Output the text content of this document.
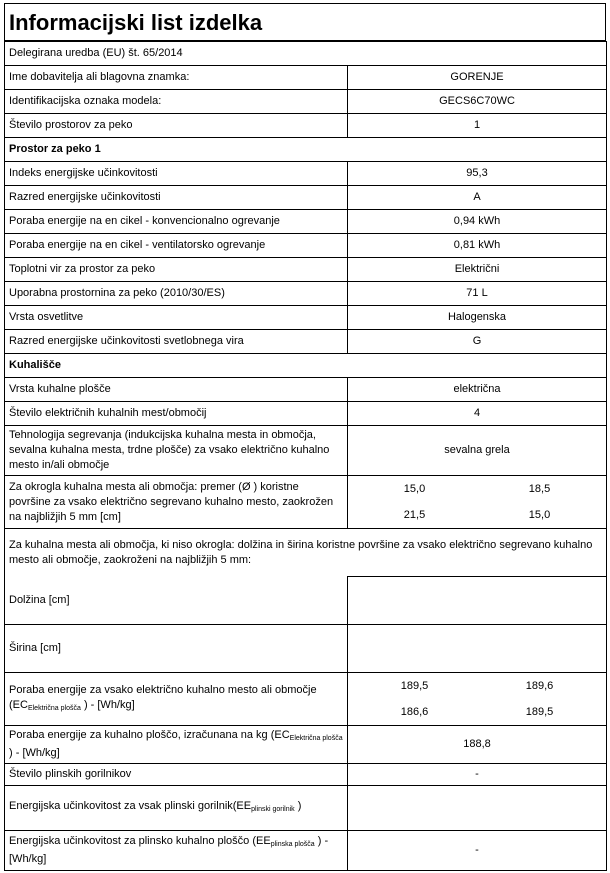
Informacijski list izdelka
Delegirana uredba (EU) št. 65/2014	
Ime dobavitelja ali blagovna znamka:	GORENJE
Identifikacijska oznaka modela:	GECS6C70WC
Število prostorov za peko	1
Prostor za peko 1	
Indeks energijske učinkovitosti	95,3
Razred energijske učinkovitosti	A
Poraba energije na en cikel - konvencionalno ogrevanje	0,94 kWh
Poraba energije na en cikel - ventilatorsko ogrevanje	0,81 kWh
Toplotni vir za prostor za peko	Električni
Uporabna prostornina za peko (2010/30/ES)	71 L
Vrsta osvetlitve	Halogenska
Razred energijske učinkovitosti svetlobnega vira	G
Kuhališče	
Vrsta kuhalne plošče	električna
Število električnih kuhalnih mest/območij	4
Tehnologija segrevanja (indukcijska kuhalna mesta in območja, sevalna kuhalna mesta, trdne plošče) za vsako električno kuhalno mesto in/ali območje	sevalna grela
Za okrogla kuhalna mesta ali območja: premer (Ø ) koristne površine za vsako električno segrevano kuhalno mesto, zaokrožen na najbližjih 5 mm [cm]	15,0 18,5
21,5 15,0

Za kuhalna mesta ali območja, ki niso okrogla: dolžina in širina koristne površine za vsako električno segrevano kuhalno mesto ali območje, zaokroženi na najbližjih 5 mm:	
Dolžina [cm]	
Širina [cm]	
Poraba energije za vsako električno kuhalno mesto ali območje ($EC_{Električna plošča}$ ) - [Wh/kg]	189,5 189,6
186,6 189,5

Poraba energije za kuhalno ploščo, izračunana na kg ($EC_{Električna plošča}$ ) - [Wh/kg]	188,8
Število plinskih gorilnikov	-
Energijska učinkovitost za vsak plinski $gorilnik(EE_{plinski gorilnik}$ )	
Energijska učinkovitost za plinsko kuhalno ploščo ($EE_{plinska plošča}$ ) - [Wh/kg]	-
